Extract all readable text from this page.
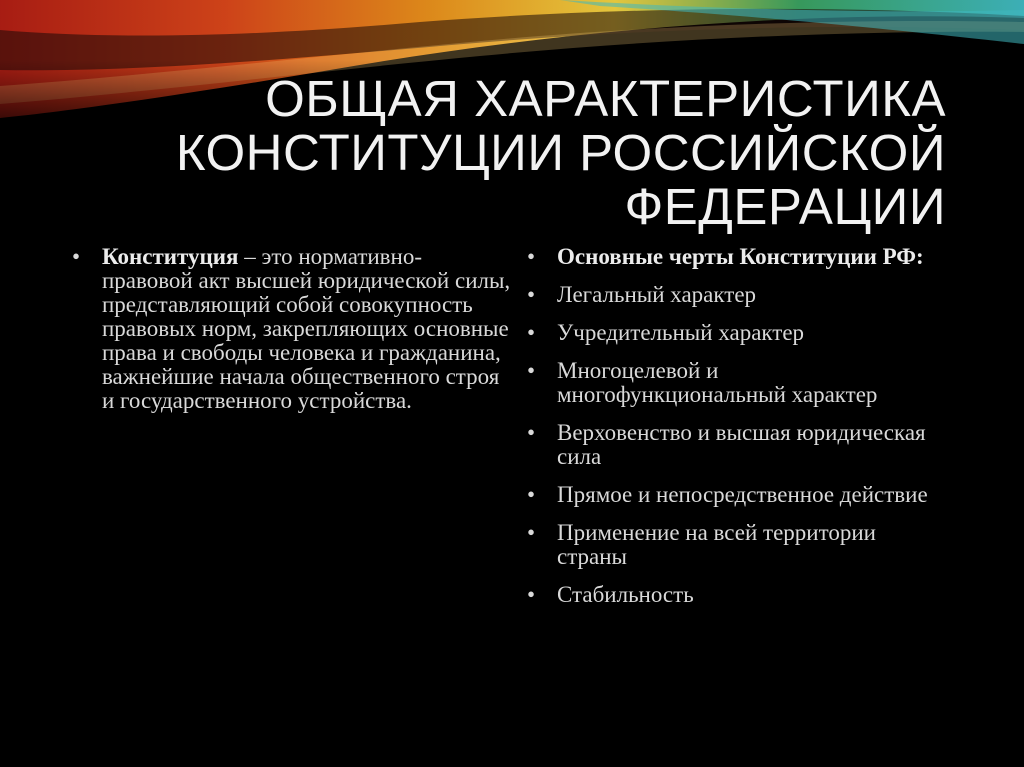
ОБЩАЯ ХАРАКТЕРИСТИКА
КОНСТИТУЦИИ РОССИЙСКОЙ
ФЕДЕРАЦИИ
• Конституция – это нормативно-правовой акт высшей юридической силы, представляющий собой совокупность правовых норм, закрепляющих основные права и свободы человека и гражданина, важнейшие начала общественного строя и государственного устройства.
• Основные черты Конституции РФ:
• Легальный характер
• Учредительный характер
• Многоцелевой и многофункциональный характер
• Верховенство и высшая юридическая сила
• Прямое и непосредственное действие
• Применение на всей территории страны
• Стабильность
